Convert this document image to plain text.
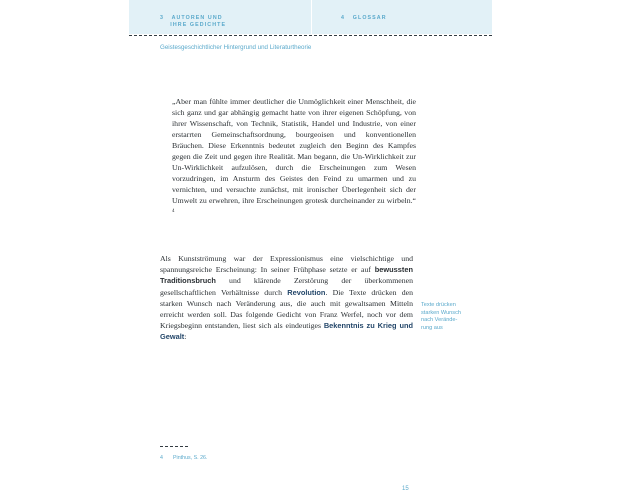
3   AUTOREN UND
IHRE GEDICHTE
4   GLOSSAR
Geistesgeschichtlicher Hintergrund und Literaturtheorie

„Aber man fühlte immer deutlicher die Unmöglichkeit einer Menschheit, die sich ganz und gar abhängig gemacht hatte von ihrer eigenen Schöpfung, von ihrer Wissenschaft, von Technik, Statistik, Handel und Industrie, von einer erstarrten Gemeinschaftsordnung, bourgeoisen und konventionellen Bräuchen. Diese Erkenntnis bedeutet zugleich den Beginn des Kampfes gegen die Zeit und gegen ihre Realität. Man begann, die Un-Wirklichkeit zur Un-Wirklichkeit aufzulösen, durch die Erscheinungen zum Wesen vorzudringen, im Ansturm des Geistes den Feind zu umarmen und zu vernichten, und versuchte zunächst, mit ironischer Überlegenheit sich der Umwelt zu erwehren, ihre Erscheinungen grotesk durcheinander zu wirbeln.“ $^4$

Als Kunstströmung war der Expressionismus eine vielschichtige und spannungsreiche Erscheinung: In seiner Frühphase setzte er auf bewussten Traditionsbruch und klärende Zerstörung der überkommenen gesellschaftlichen Verhältnisse durch Revolution. Die Texte drücken den starken Wunsch nach Veränderung aus, die auch mit gewaltsamen Mitteln erreicht werden soll. Das folgende Gedicht von Franz Werfel, noch vor dem Kriegsbeginn entstanden, liest sich als eindeutiges Bekenntnis zu Krieg und Gewalt:

Texte drücken
starken Wunsch
nach Verände-
rung aus
4 Pinthus, S. 26.
15
